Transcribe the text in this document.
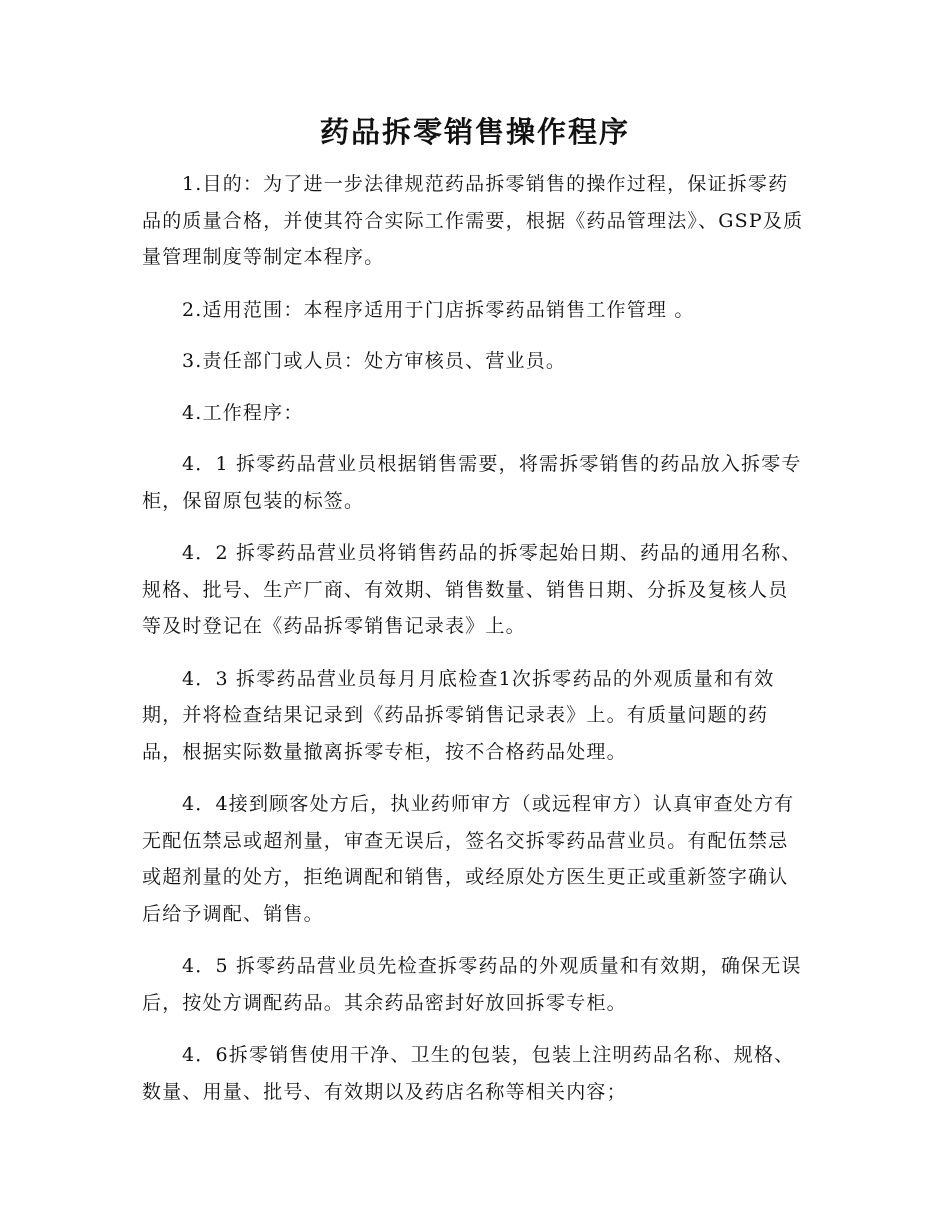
药品拆零销售操作程序

1.目的：为了进一步法律规范药品拆零销售的操作过程，保证拆零药品的质量合格，并使其符合实际工作需要，根据《药品管理法》、GSP及质量管理制度等制定本程序。

2.适用范围：本程序适用于门店拆零药品销售工作管理 。

3.责任部门或人员：处方审核员、营业员。

4.工作程序：

4．1 拆零药品营业员根据销售需要，将需拆零销售的药品放入拆零专柜，保留原包装的标签。

4．2 拆零药品营业员将销售药品的拆零起始日期、药品的通用名称、规格、批号、生产厂商、有效期、销售数量、销售日期、分拆及复核人员等及时登记在《药品拆零销售记录表》上。

4．3 拆零药品营业员每月月底检查1次拆零药品的外观质量和有效期，并将检查结果记录到《药品拆零销售记录表》上。有质量问题的药品，根据实际数量撤离拆零专柜，按不合格药品处理。

4．4接到顾客处方后，执业药师审方（或远程审方）认真审查处方有无配伍禁忌或超剂量，审查无误后，签名交拆零药品营业员。有配伍禁忌或超剂量的处方，拒绝调配和销售，或经原处方医生更正或重新签字确认后给予调配、销售。

4．5 拆零药品营业员先检查拆零药品的外观质量和有效期，确保无误后，按处方调配药品。其余药品密封好放回拆零专柜。

4．6拆零销售使用干净、卫生的包装，包装上注明药品名称、规格、数量、用量、批号、有效期以及药店名称等相关内容；
